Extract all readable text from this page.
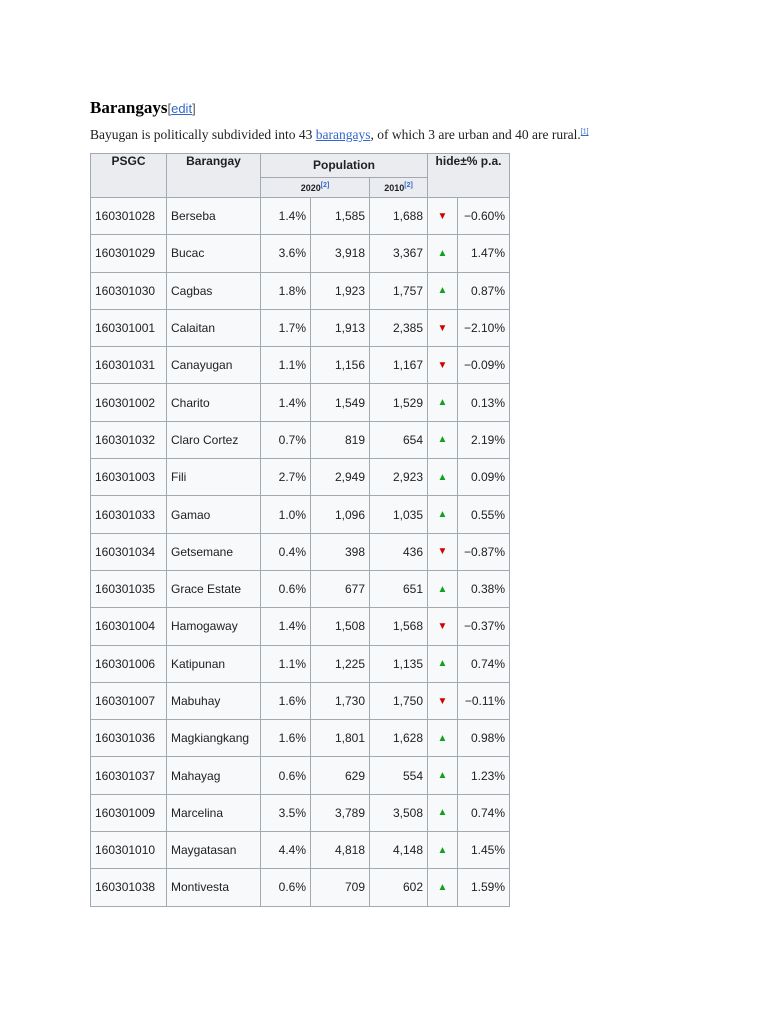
Barangays[edit]
Bayugan is politically subdivided into 43 barangays, of which 3 are urban and 40 are rural.[1]
PSGC	Barangay	Population			hide±% p.a.	
		2020[2]		2010[2]
160301028	Berseba	1.4%	1,585	1,688	▼	−0.60%
160301029	Bucac	3.6%	3,918	3,367	▲	1.47%
160301030	Cagbas	1.8%	1,923	1,757	▲	0.87%
160301001	Calaitan	1.7%	1,913	2,385	▼	−2.10%
160301031	Canayugan	1.1%	1,156	1,167	▼	−0.09%
160301002	Charito	1.4%	1,549	1,529	▲	0.13%
160301032	Claro Cortez	0.7%	819	654	▲	2.19%
160301003	Fili	2.7%	2,949	2,923	▲	0.09%
160301033	Gamao	1.0%	1,096	1,035	▲	0.55%
160301034	Getsemane	0.4%	398	436	▼	−0.87%
160301035	Grace Estate	0.6%	677	651	▲	0.38%
160301004	Hamogaway	1.4%	1,508	1,568	▼	−0.37%
160301006	Katipunan	1.1%	1,225	1,135	▲	0.74%
160301007	Mabuhay	1.6%	1,730	1,750	▼	−0.11%
160301036	Magkiangkang	1.6%	1,801	1,628	▲	0.98%
160301037	Mahayag	0.6%	629	554	▲	1.23%
160301009	Marcelina	3.5%	3,789	3,508	▲	0.74%
160301010	Maygatasan	4.4%	4,818	4,148	▲	1.45%
160301038	Montivesta	0.6%	709	602	▲	1.59%
